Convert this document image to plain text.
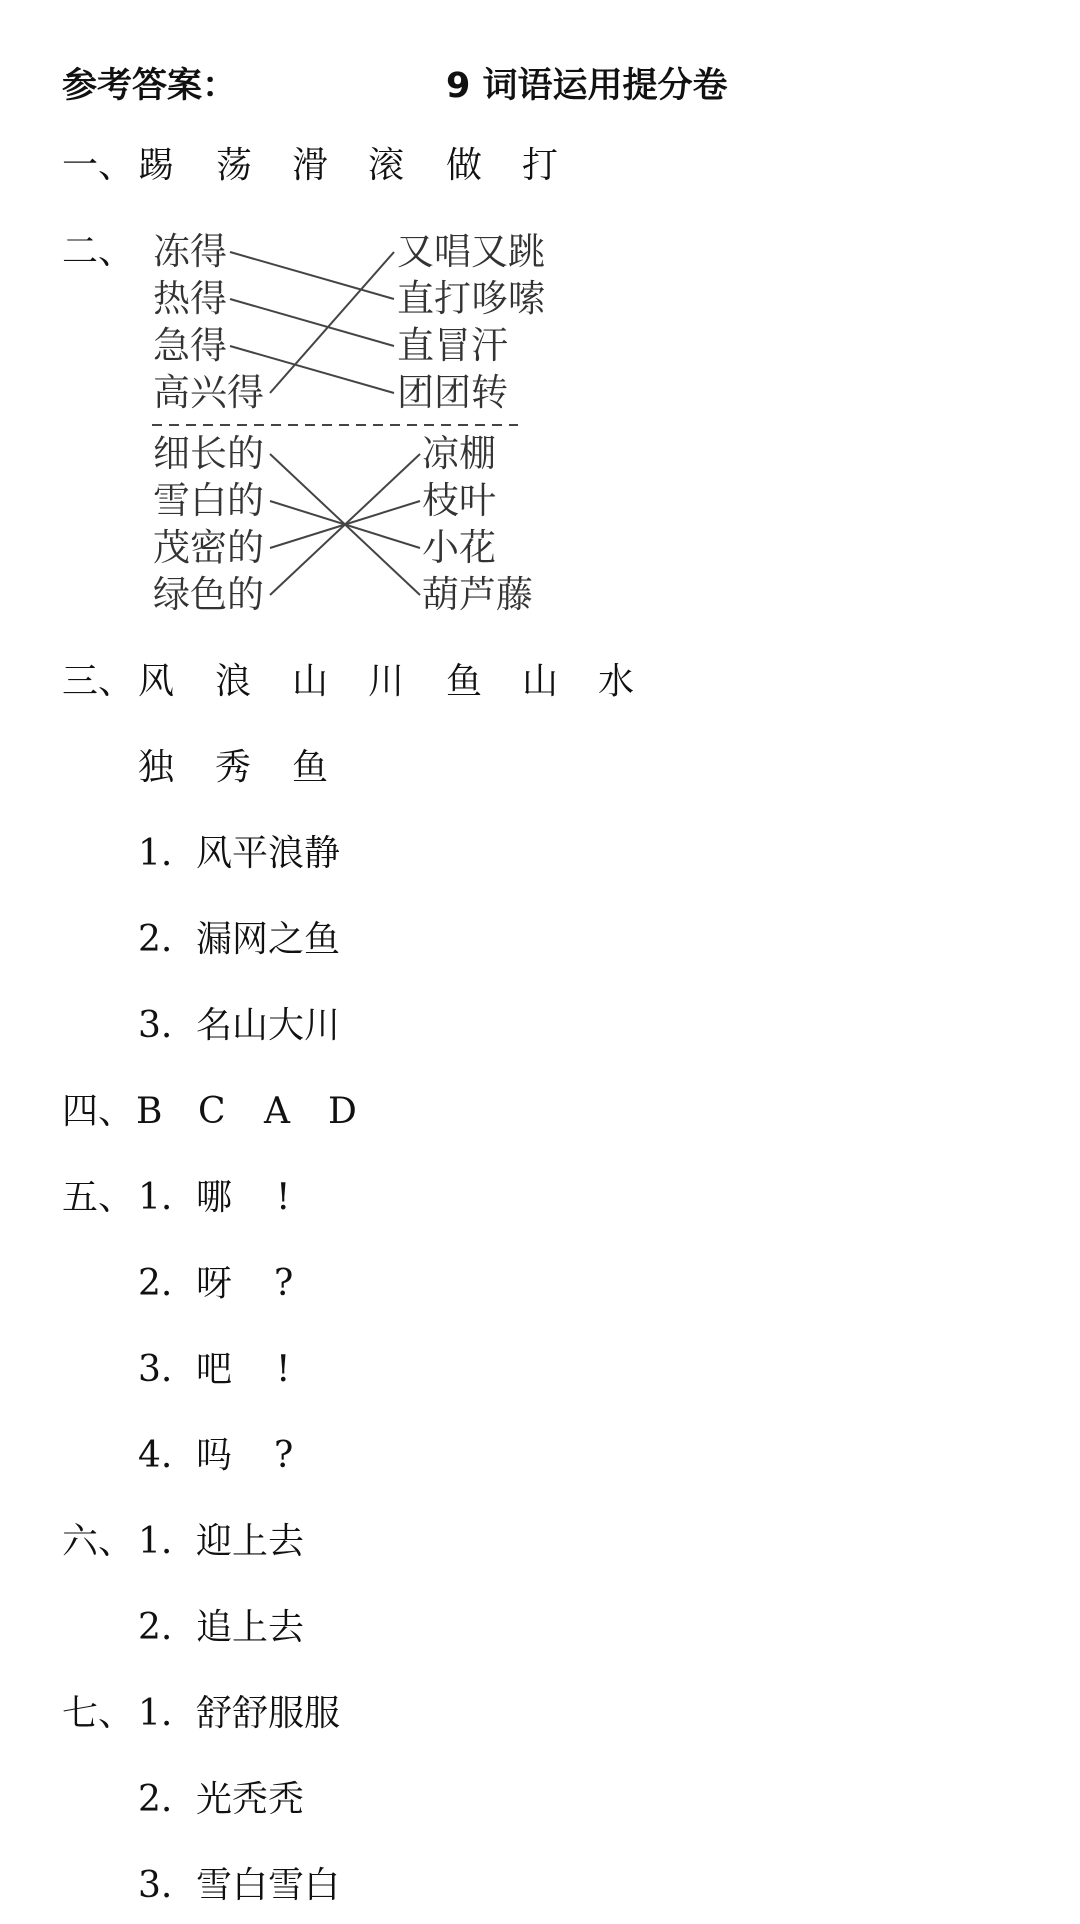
参考答案：	9 词语运用提分卷
一、 踢 荡 滑 滚 做 打
二、 冻得
热得
急得
高兴得
又唱又跳
直打哆嗦
直冒汗
团团转
细长的
雪白的
茂密的
绿色的
凉棚
枝叶
小花
葫芦藤
三、 风 浪 山 川 鱼 山 水
独 秀 鱼
1. 风平浪静
2. 漏网之鱼
3. 名山大川
四、 B C A D
五、 1. 哪 !
2. 呀 ?
3. 吧 !
4. 吗 ?
六、 1. 迎上去
2. 追上去
七、 1. 舒舒服服
2. 光秃秃
3. 雪白雪白
